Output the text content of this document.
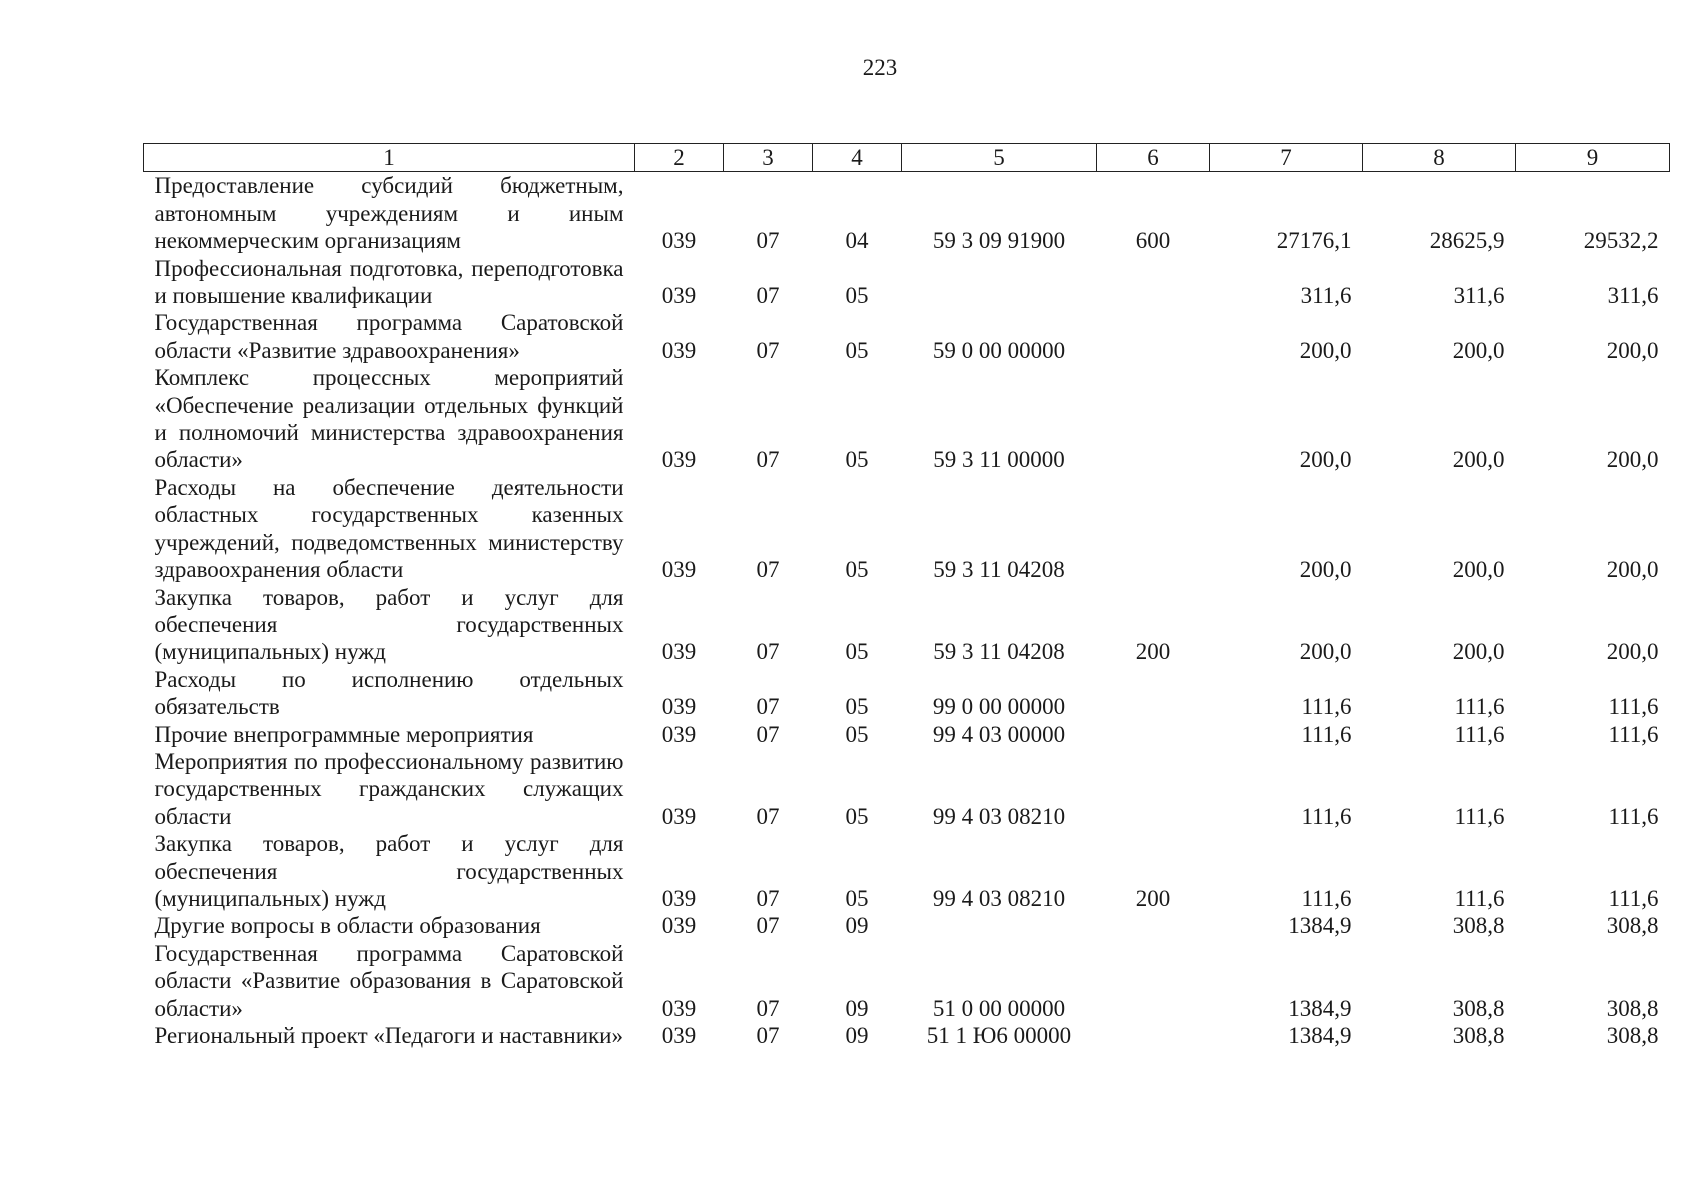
223
1	2	3	4	5	6	7	8	9
Предоставление субсидий бюджетным, автономным учреждениям и иным некоммерческим организациям	039	07	04	59 3 09 91900	600	27176,1	28625,9	29532,2
Профессиональная подготовка, переподготовка и повышение квалификации	039	07	05			311,6	311,6	311,6
Государственная программа Саратовской области «Развитие здравоохранения»	039	07	05	59 0 00 00000		200,0	200,0	200,0
Комплекс процессных мероприятий «Обеспечение реализации отдельных функций и полномочий министерства здравоохранения области»	039	07	05	59 3 11 00000		200,0	200,0	200,0
Расходы на обеспечение деятельности областных государственных казенных учреждений, подведомственных министерству здравоохранения области	039	07	05	59 3 11 04208		200,0	200,0	200,0
Закупка товаров, работ и услуг для обеспечения государственных (муниципальных) нужд	039	07	05	59 3 11 04208	200	200,0	200,0	200,0
Расходы по исполнению отдельных обязательств	039	07	05	99 0 00 00000		111,6	111,6	111,6
Прочие внепрограммные мероприятия	039	07	05	99 4 03 00000		111,6	111,6	111,6
Мероприятия по профессиональному развитию государственных гражданских служащих области	039	07	05	99 4 03 08210		111,6	111,6	111,6
Закупка товаров, работ и услуг для обеспечения государственных (муниципальных) нужд	039	07	05	99 4 03 08210	200	111,6	111,6	111,6
Другие вопросы в области образования	039	07	09			1384,9	308,8	308,8
Государственная программа Саратовской области «Развитие образования в Саратовской области»	039	07	09	51 0 00 00000		1384,9	308,8	308,8
Региональный проект «Педагоги и наставники»	039	07	09	51 1 Ю6 00000		1384,9	308,8	308,8
